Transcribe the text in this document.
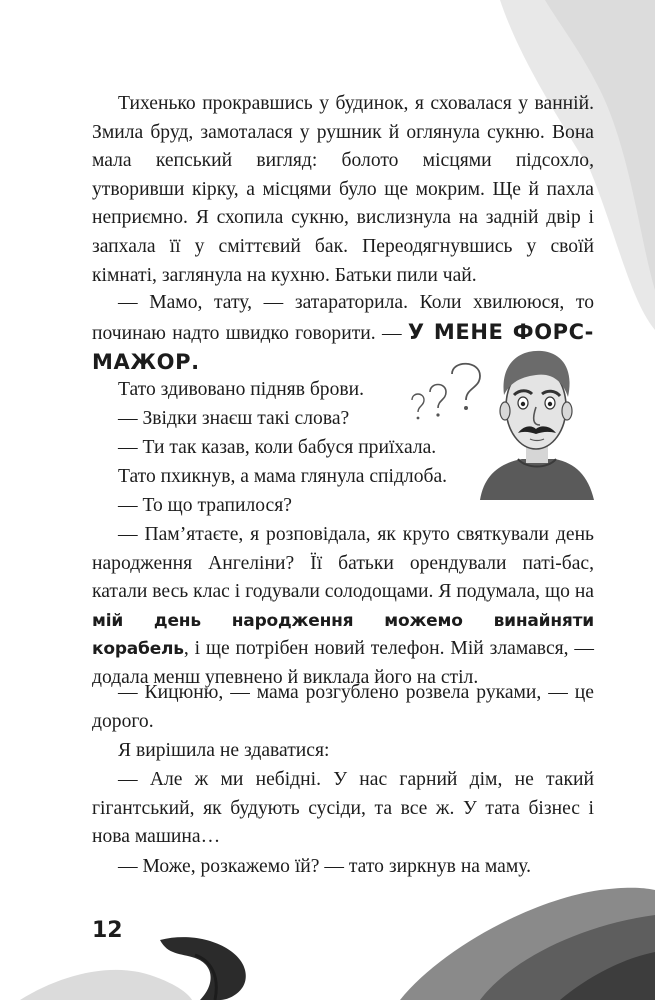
Тихенько прокравшись у будинок, я сховалася у ванній. Змила бруд, замоталася у рушник й оглянула сукню. Вона мала кепський вигляд: болото місцями підсохло, утворивши кірку, а місцями було ще мокрим. Ще й пахла неприємно. Я схопила сукню, вислизнула на задній двір і запхала її у сміттєвий бак. Переодягнувшись у своїй кімнаті, заглянула на кухню. Батьки пили чай.

— Мамо, тату, — затараторила. Коли хвилююся, то починаю надто швидко говорити. — У МЕНЕ ФОРС-МАЖОР.

Тато здивовано підняв брови.

— Звідки знаєш такі слова?

— Ти так казав, коли бабуся приїхала.

Тато пхикнув, а мама глянула спідлоба.

— То що трапилося?

— Пам’ятаєте, я розповідала, як круто святкували день народження Ангеліни? Її батьки орендували паті-бас, катали весь клас і годували солодощами. Я подумала, що на мій день народження можемо винайняти корабель, і ще потрібен новий телефон. Мій зламався, — додала менш упевнено й виклала його на стіл.

— Кицюню, — мама розгублено розвела руками, — це дорого.

Я вирішила не здаватися:

— Але ж ми небідні. У нас гарний дім, не такий гігантський, як будують сусіди, та все ж. У тата бізнес і нова машина…

— Може, розкажемо їй? — тато зиркнув на маму.

12
